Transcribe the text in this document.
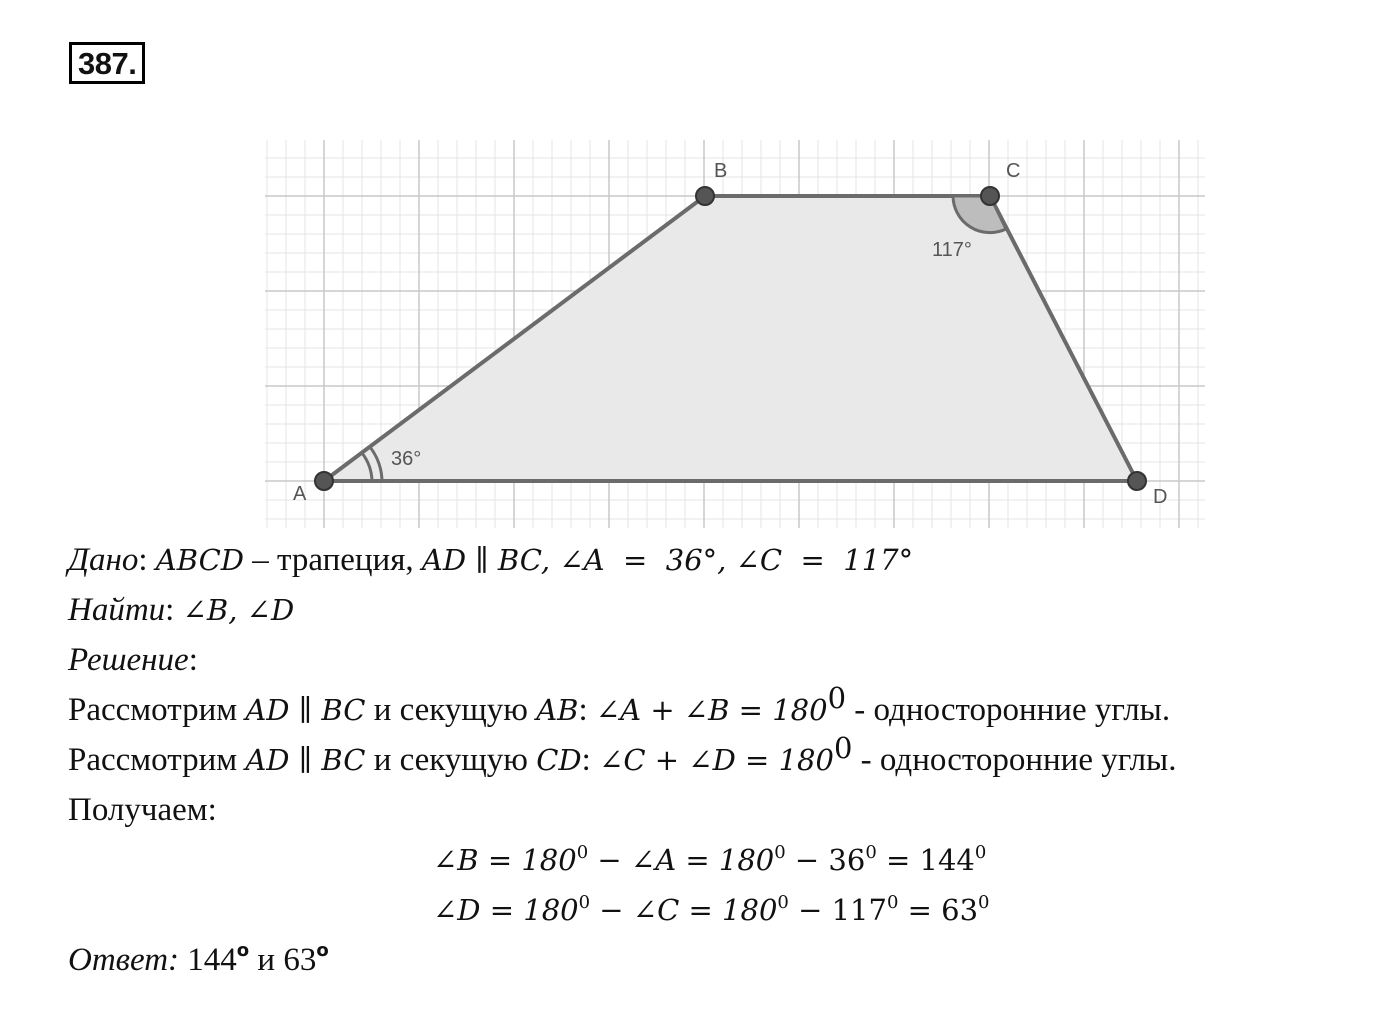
387.
A
B	C
D
36°
117°
Дано: ABCD – трапеция, AD ∥ BC, ∠A  =  36°, ∠C  =  117°
Найти: ∠B, ∠D
Решение:
Рассмотрим AD ∥ BC и секущую AB: ∠A + ∠B = $180^0$ - односторонние углы.
Рассмотрим AD ∥ BC и секущую CD: ∠C + ∠D = $180^0$ - односторонние углы.
Получаем:
∠B = $180^0$ − ∠A = $180^0 - 36^0 = 144^0$
∠D = $180^0$ − ∠C = $180^0 - 117^0 = 63^0$
Ответ: 144$^o$ и 63$^o$
